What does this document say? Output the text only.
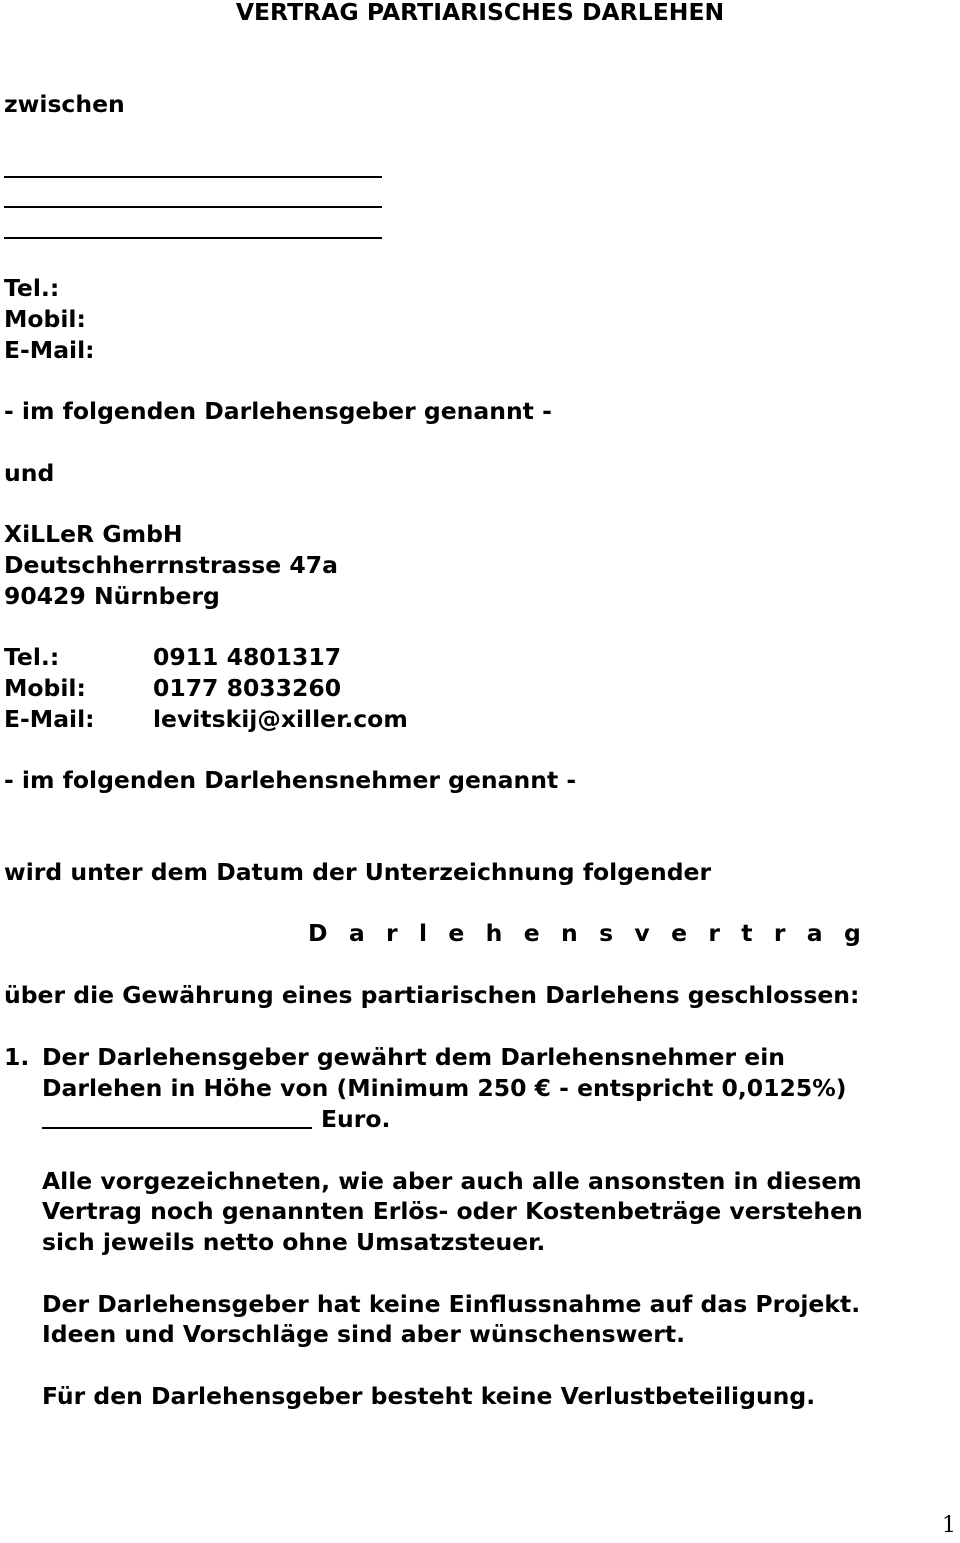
VERTRAG PARTIARISCHES DARLEHEN
zwischen
Tel.:
Mobil:
E-Mail:
- im folgenden Darlehensgeber genannt -
und
XiLLeR GmbH
Deutschherrnstrasse 47a
90429 Nürnberg
Tel.:	0911 4801317
Mobil:	0177 8033260
E-Mail: levitskij@xiller.com
- im folgenden Darlehensnehmer genannt -
wird unter dem Datum der Unterzeichnung folgender
D a r l e h e n s v e r t r a g
über die Gewährung eines partiarischen Darlehens geschlossen:
1. Der Darlehensgeber gewährt dem Darlehensnehmer ein
Darlehen in Höhe von (Minimum 250 € - entspricht 0,0125%)
Euro.
Alle vorgezeichneten, wie aber auch alle ansonsten in diesem
Vertrag noch genannten Erlös- oder Kostenbeträge verstehen
sich jeweils netto ohne Umsatzsteuer.
Der Darlehensgeber hat keine Einflussnahme auf das Projekt.
Ideen und Vorschläge sind aber wünschenswert.
Für den Darlehensgeber besteht keine Verlustbeteiligung.
1
